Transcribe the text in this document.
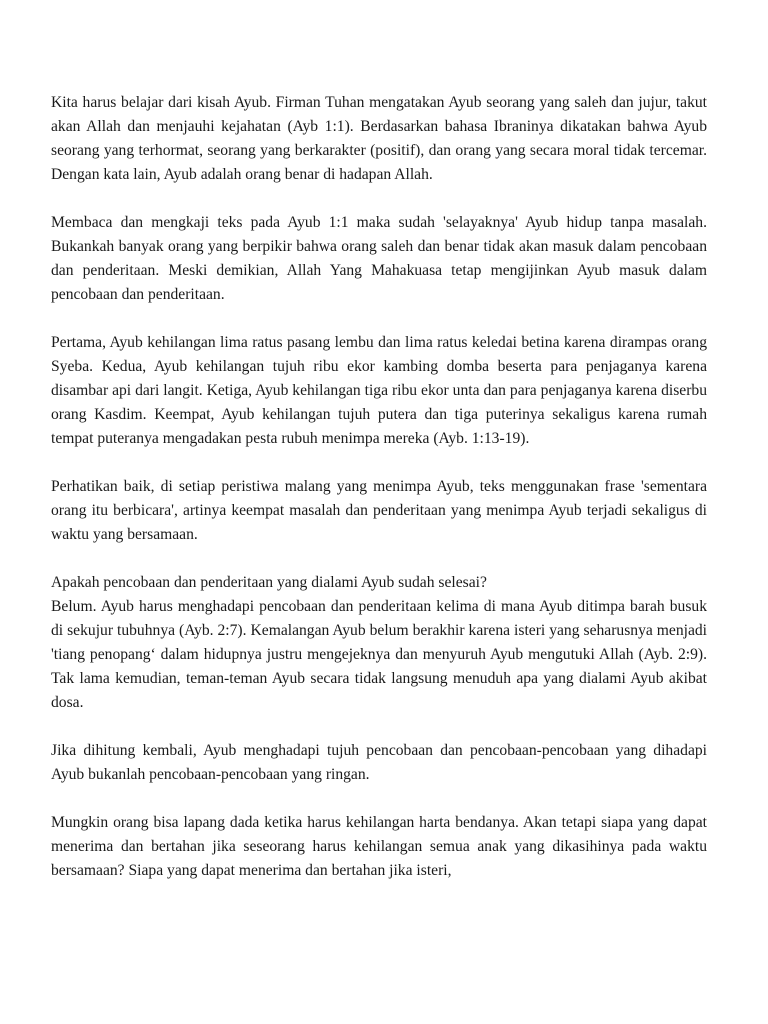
Kita harus belajar dari kisah Ayub. Firman Tuhan mengatakan Ayub seorang yang saleh dan jujur, takut akan Allah dan menjauhi kejahatan (Ayb 1:1). Berdasarkan bahasa Ibraninya dikatakan bahwa Ayub seorang yang terhormat, seorang yang berkarakter (positif), dan orang yang secara moral tidak tercemar. Dengan kata lain, Ayub adalah orang benar di hadapan Allah.

Membaca dan mengkaji teks pada Ayub 1:1 maka sudah 'selayaknya' Ayub hidup tanpa masalah. Bukankah banyak orang yang berpikir bahwa orang saleh dan benar tidak akan masuk dalam pencobaan dan penderitaan. Meski demikian, Allah Yang Mahakuasa tetap mengijinkan Ayub masuk dalam pencobaan dan penderitaan.

Pertama, Ayub kehilangan lima ratus pasang lembu dan lima ratus keledai betina karena dirampas orang Syeba. Kedua, Ayub kehilangan tujuh ribu ekor kambing domba beserta para penjaganya karena disambar api dari langit. Ketiga, Ayub kehilangan tiga ribu ekor unta dan para penjaganya karena diserbu orang Kasdim. Keempat, Ayub kehilangan tujuh putera dan tiga puterinya sekaligus karena rumah tempat puteranya mengadakan pesta rubuh menimpa mereka (Ayb. 1:13-19).

Perhatikan baik, di setiap peristiwa malang yang menimpa Ayub, teks menggunakan frase 'sementara orang itu berbicara', artinya keempat masalah dan penderitaan yang menimpa Ayub terjadi sekaligus di waktu yang bersamaan.

Apakah pencobaan dan penderitaan yang dialami Ayub sudah selesai?

Belum. Ayub harus menghadapi pencobaan dan penderitaan kelima di mana Ayub ditimpa barah busuk di sekujur tubuhnya (Ayb. 2:7). Kemalangan Ayub belum berakhir karena isteri yang seharusnya menjadi 'tiang penopang‘ dalam hidupnya justru mengejeknya dan menyuruh Ayub mengutuki Allah (Ayb. 2:9). Tak lama kemudian, teman-teman Ayub secara tidak langsung menuduh apa yang dialami Ayub akibat dosa.

Jika dihitung kembali, Ayub menghadapi tujuh pencobaan dan pencobaan-pencobaan yang dihadapi Ayub bukanlah pencobaan-pencobaan yang ringan.

Mungkin orang bisa lapang dada ketika harus kehilangan harta bendanya. Akan tetapi siapa yang dapat menerima dan bertahan jika seseorang harus kehilangan semua anak yang dikasihinya pada waktu bersamaan? Siapa yang dapat menerima dan bertahan jika isteri,
